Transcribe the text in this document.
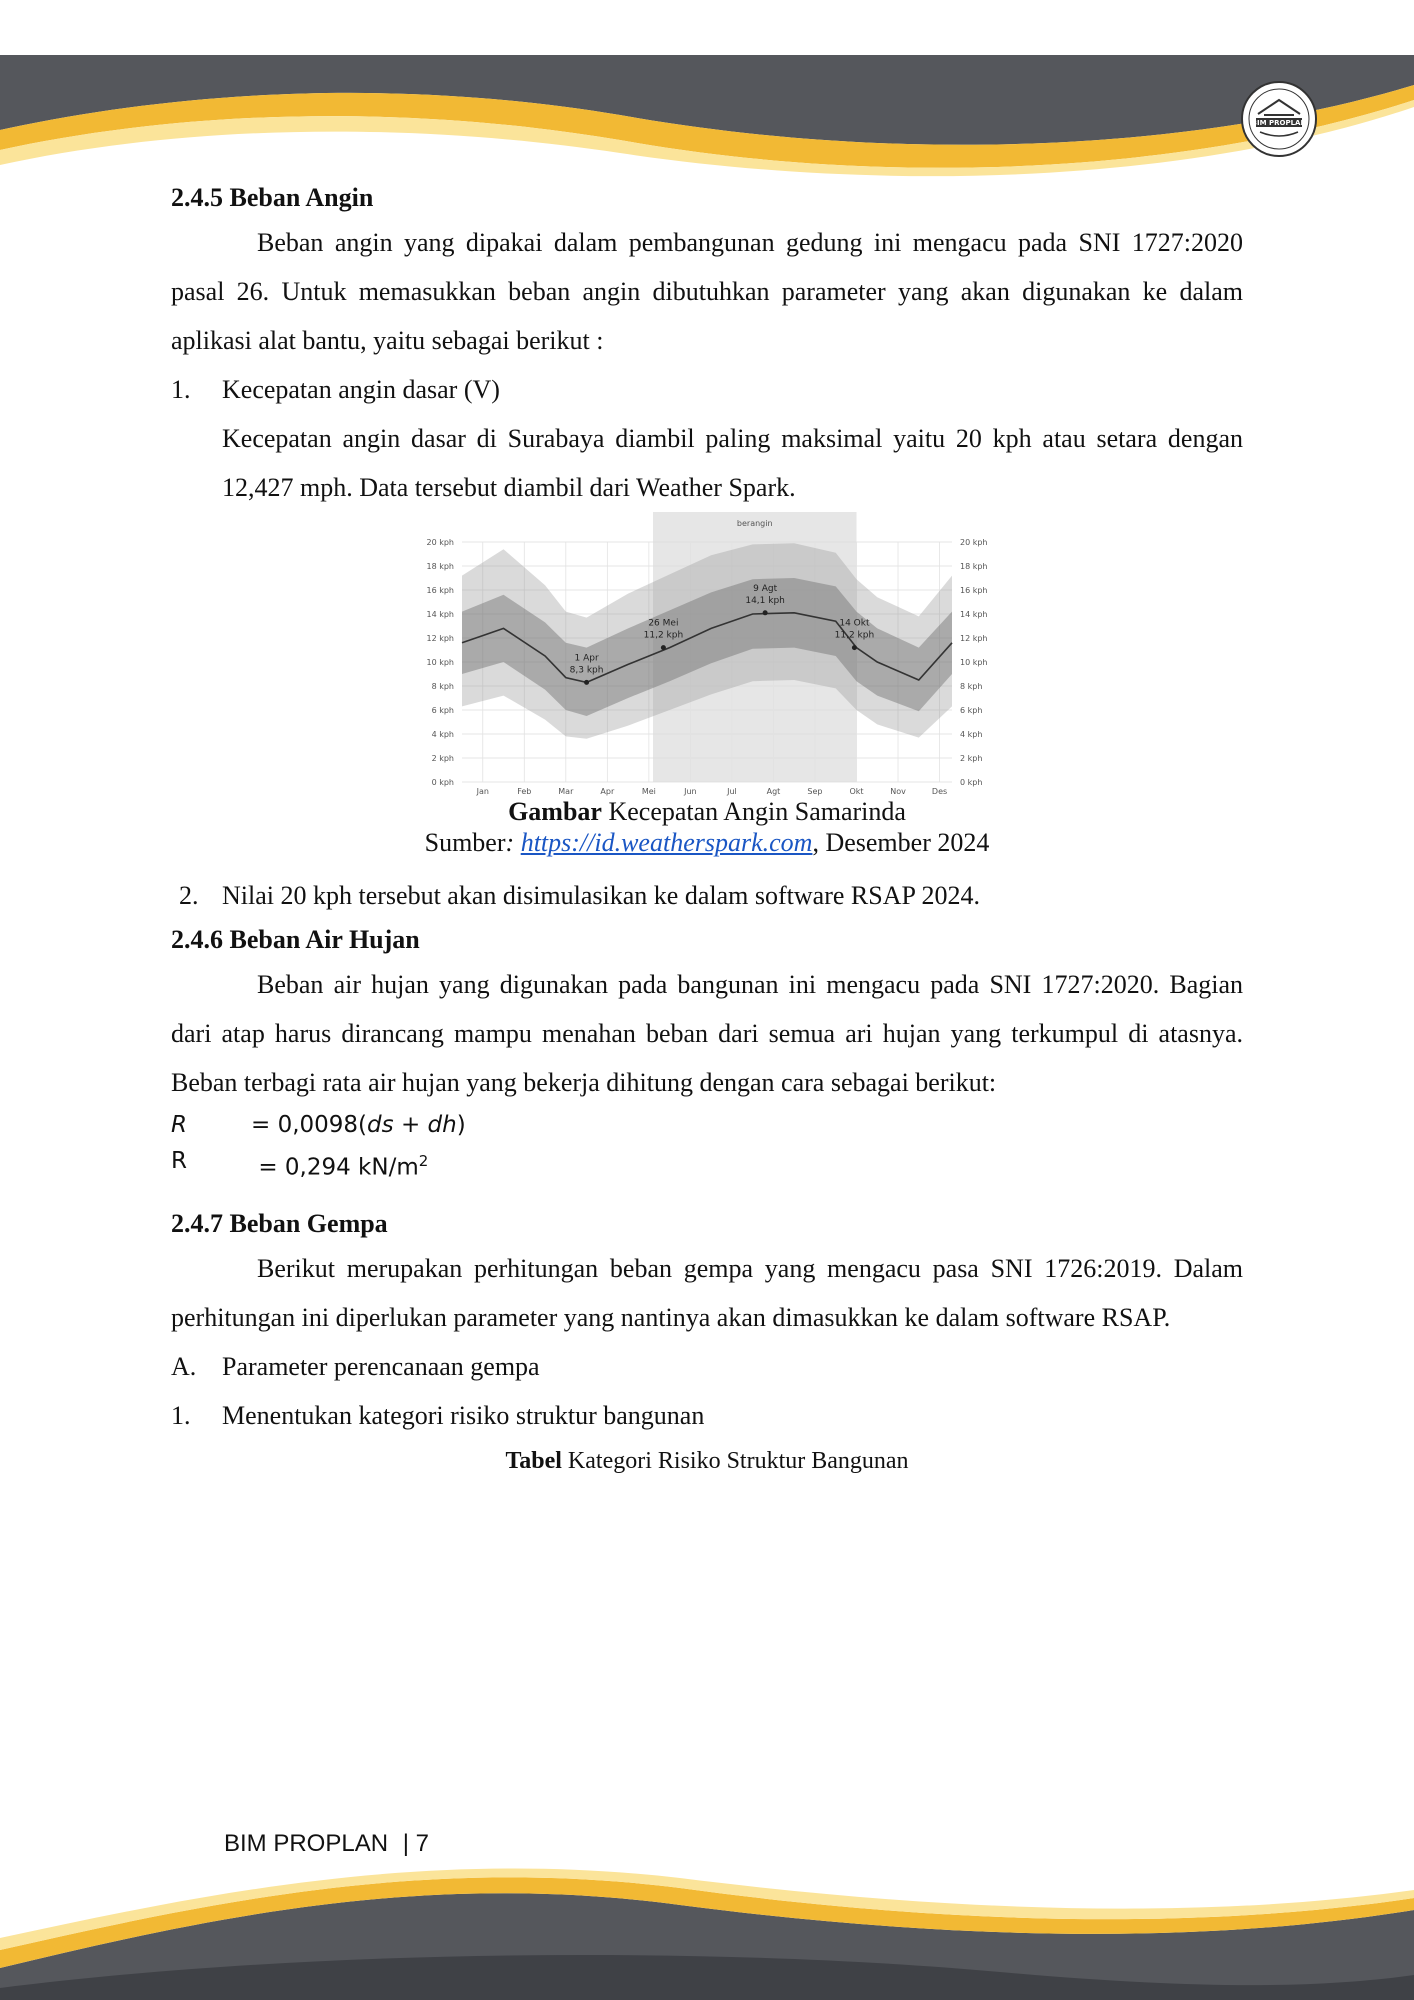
BIM PROPLAN

2.4.5 Beban Angin

Beban angin yang dipakai dalam pembangunan gedung ini mengacu pada SNI 1727:2020 pasal 26. Untuk memasukkan beban angin dibutuhkan parameter yang akan digunakan ke dalam aplikasi alat bantu, yaitu sebagai berikut :

1.	Kecepatan angin dasar (V)

Kecepatan angin dasar di Surabaya diambil paling maksimal yaitu 20 kph atau setara dengan 12,427 mph. Data tersebut diambil dari Weather Spark.

berangin
0 kph	0 kph
2 kph	2 kph
4 kph	4 kph
6 kph	6 kph
8 kph	8 kph
10 kph	10 kph
12 kph	12 kph
14 kph	14 kph
16 kph	16 kph
18 kph	18 kph
20 kph	20 kph
Jan	Feb	Mar	Apr	Mei	Jun	Jul	Agt	Sep	Okt	Nov	Des
1 Apr
8,3 kph
26 Mei
11,2 kph
9 Agt
14,1 kph
14 Okt
11,2 kph

Gambar Kecepatan Angin Samarinda

Sumber: https://id.weatherspark.com, Desember 2024

2. Nilai 20 kph tersebut akan disimulasikan ke dalam software RSAP 2024.

2.4.6 Beban Air Hujan

Beban air hujan yang digunakan pada bangunan ini mengacu pada SNI 1727:2020. Bagian dari atap harus dirancang mampu menahan beban dari semua ari hujan yang terkumpul di atasnya. Beban terbagi rata air hujan yang bekerja dihitung dengan cara sebagai berikut:

R	= 0,0098(ds + dh)

R	= 0,294 $kN/m^2$

2.4.7 Beban Gempa

Berikut merupakan perhitungan beban gempa yang mengacu pasa SNI 1726:2019. Dalam perhitungan ini diperlukan parameter yang nantinya akan dimasukkan ke dalam software RSAP.

A. Parameter perencanaan gempa
1.	Menentukan kategori risiko struktur bangunan

Tabel Kategori Risiko Struktur Bangunan

BIM PROPLAN | 7
